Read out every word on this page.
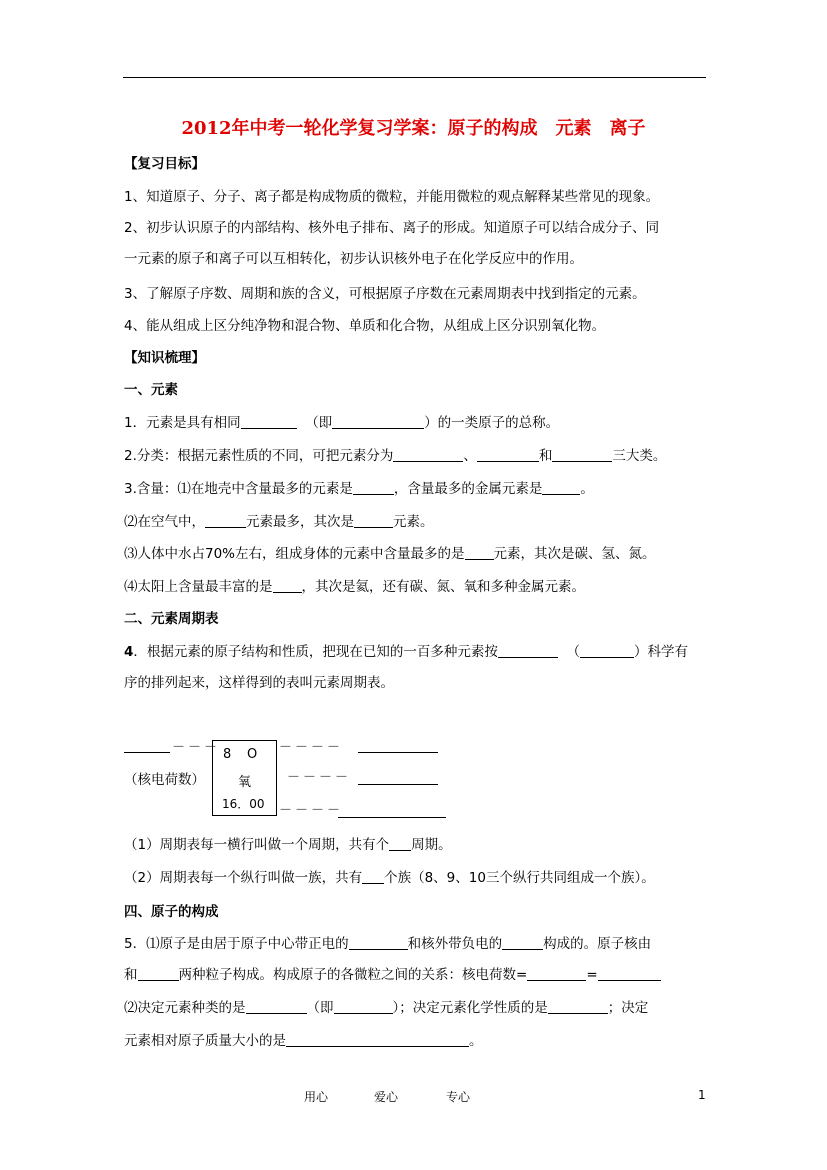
2012年中考一轮化学复习学案：原子的构成　元素　离子
【复习目标】
1、知道原子、分子、离子都是构成物质的微粒，并能用微粒的观点解释某些常见的现象。
2、初步认识原子的内部结构、核外电子排布、离子的形成。知道原子可以结合成分子、同
一元素的原子和离子可以互相转化，初步认识核外电子在化学反应中的作用。
3、了解原子序数、周期和族的含义，可根据原子序数在元素周期表中找到指定的元素。
4、能从组成上区分纯净物和混合物、单质和化合物，从组成上区分识别氧化物。
【知识梳理】
一、元素
1．元素是具有相同	（即	）的一类原子的总称。
2.分类：根据元素性质的不同，可把元素分为	、	和	三大类。
3.含量：⑴在地壳中含量最多的元素是	，含量最多的金属元素是	。
⑵在空气中，	元素最多，其次是	元素。
⑶人体中水占70%左右，组成身体的元素中含量最多的是 元素，其次是碳、氢、氮。
⑷太阳上含量最丰富的是 ，其次是氦，还有碳、氮、氧和多种金属元素。
二、元素周期表
4．根据元素的原子结构和性质，把现在已知的一百多种元素按	（	）科学有
序的排列起来，这样得到的表叫元素周期表。
－－－	－－－－
（核电荷数）	－－－－
－－－－
8 O
氧
16．00
（1）周期表每一横行叫做一个周期，共有个 周期。
（2）周期表每一个纵行叫做一族，共有 个族（8、9、10三个纵行共同组成一个族）。
四、原子的构成
5．⑴原子是由居于原子中心带正电的	和核外带负电的	构成的。原子核由
和	两种粒子构成。构成原子的各微粒之间的关系：核电荷数=	=
⑵决定元素种类的是	（即	）；决定元素化学性质的是	；决定
元素相对原子质量大小的是	。
用心	爱心	专心	1
